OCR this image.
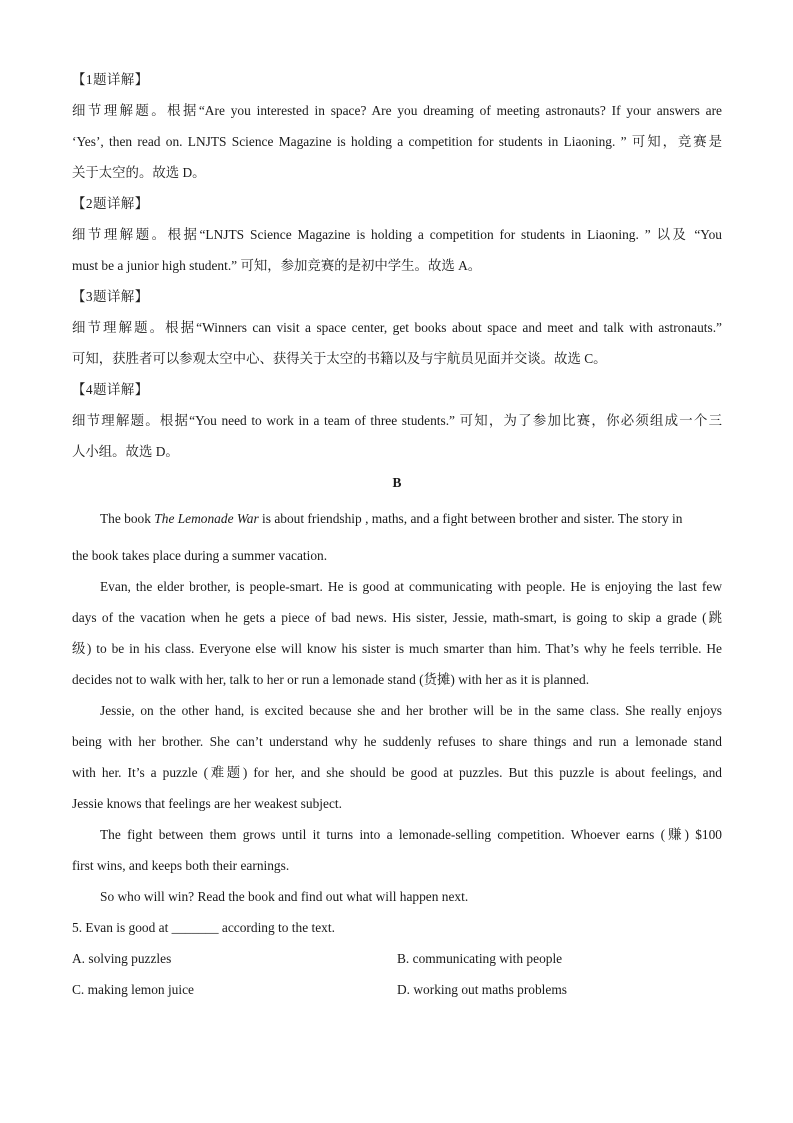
【1题详解】

细节理解题。根据“Are you interested in space? Are you dreaming of meeting astronauts? If your answers are

‘Yes’, then read on. LNJTS Science Magazine is holding a competition for students in Liaoning. ” 可知，竞赛是

关于太空的。故选 D。

【2题详解】

细节理解题。根据“LNJTS Science Magazine is holding a competition for students in Liaoning. ” 以及 “You

must be a junior high student.” 可知，参加竞赛的是初中学生。故选 A。

【3题详解】

细节理解题。根据“Winners can visit a space center, get books about space and meet and talk with astronauts.”

可知，获胜者可以参观太空中心、获得关于太空的书籍以及与宇航员见面并交谈。故选 C。

【4题详解】

细节理解题。根据“You need to work in a team of three students.” 可知，为了参加比赛，你必须组成一个三

人小组。故选 D。

B

The book The Lemonade War is about friendship , maths, and a fight between brother and sister. The story in

the book takes place during a summer vacation.

Evan, the elder brother, is people-smart. He is good at communicating with people. He is enjoying the last few

days of the vacation when he gets a piece of bad news. His sister, Jessie, math-smart, is going to skip a grade (跳

级) to be in his class. Everyone else will know his sister is much smarter than him. That’s why he feels terrible. He

decides not to walk with her, talk to her or run a lemonade stand (货摊) with her as it is planned.

Jessie, on the other hand, is excited because she and her brother will be in the same class. She really enjoys

being with her brother. She can’t understand why he suddenly refuses to share things and run a lemonade stand

with her. It’s a puzzle (难题) for her, and she should be good at puzzles. But this puzzle is about feelings, and

Jessie knows that feelings are her weakest subject.

The fight between them grows until it turns into a lemonade-selling competition. Whoever earns (赚) $100

first wins, and keeps both their earnings.

So who will win? Read the book and find out what will happen next.

5. Evan is good at _______ according to the text.

A. solving puzzles	B. communicating with people
C. making lemon juice	D. working out maths problems
